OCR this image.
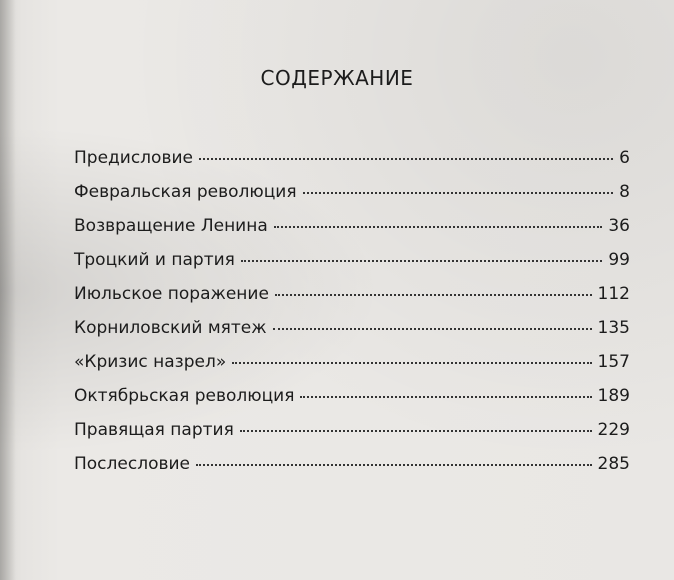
СОДЕРЖАНИЕ
Предисловие	6
Февральская революция	8
Возвращение Ленина	36
Троцкий и партия	99
Июльское поражение	112
Корниловский мятеж	135
«Кризис назрел»	157
Октябрьская революция	189
Правящая партия	229
Послесловие	285
